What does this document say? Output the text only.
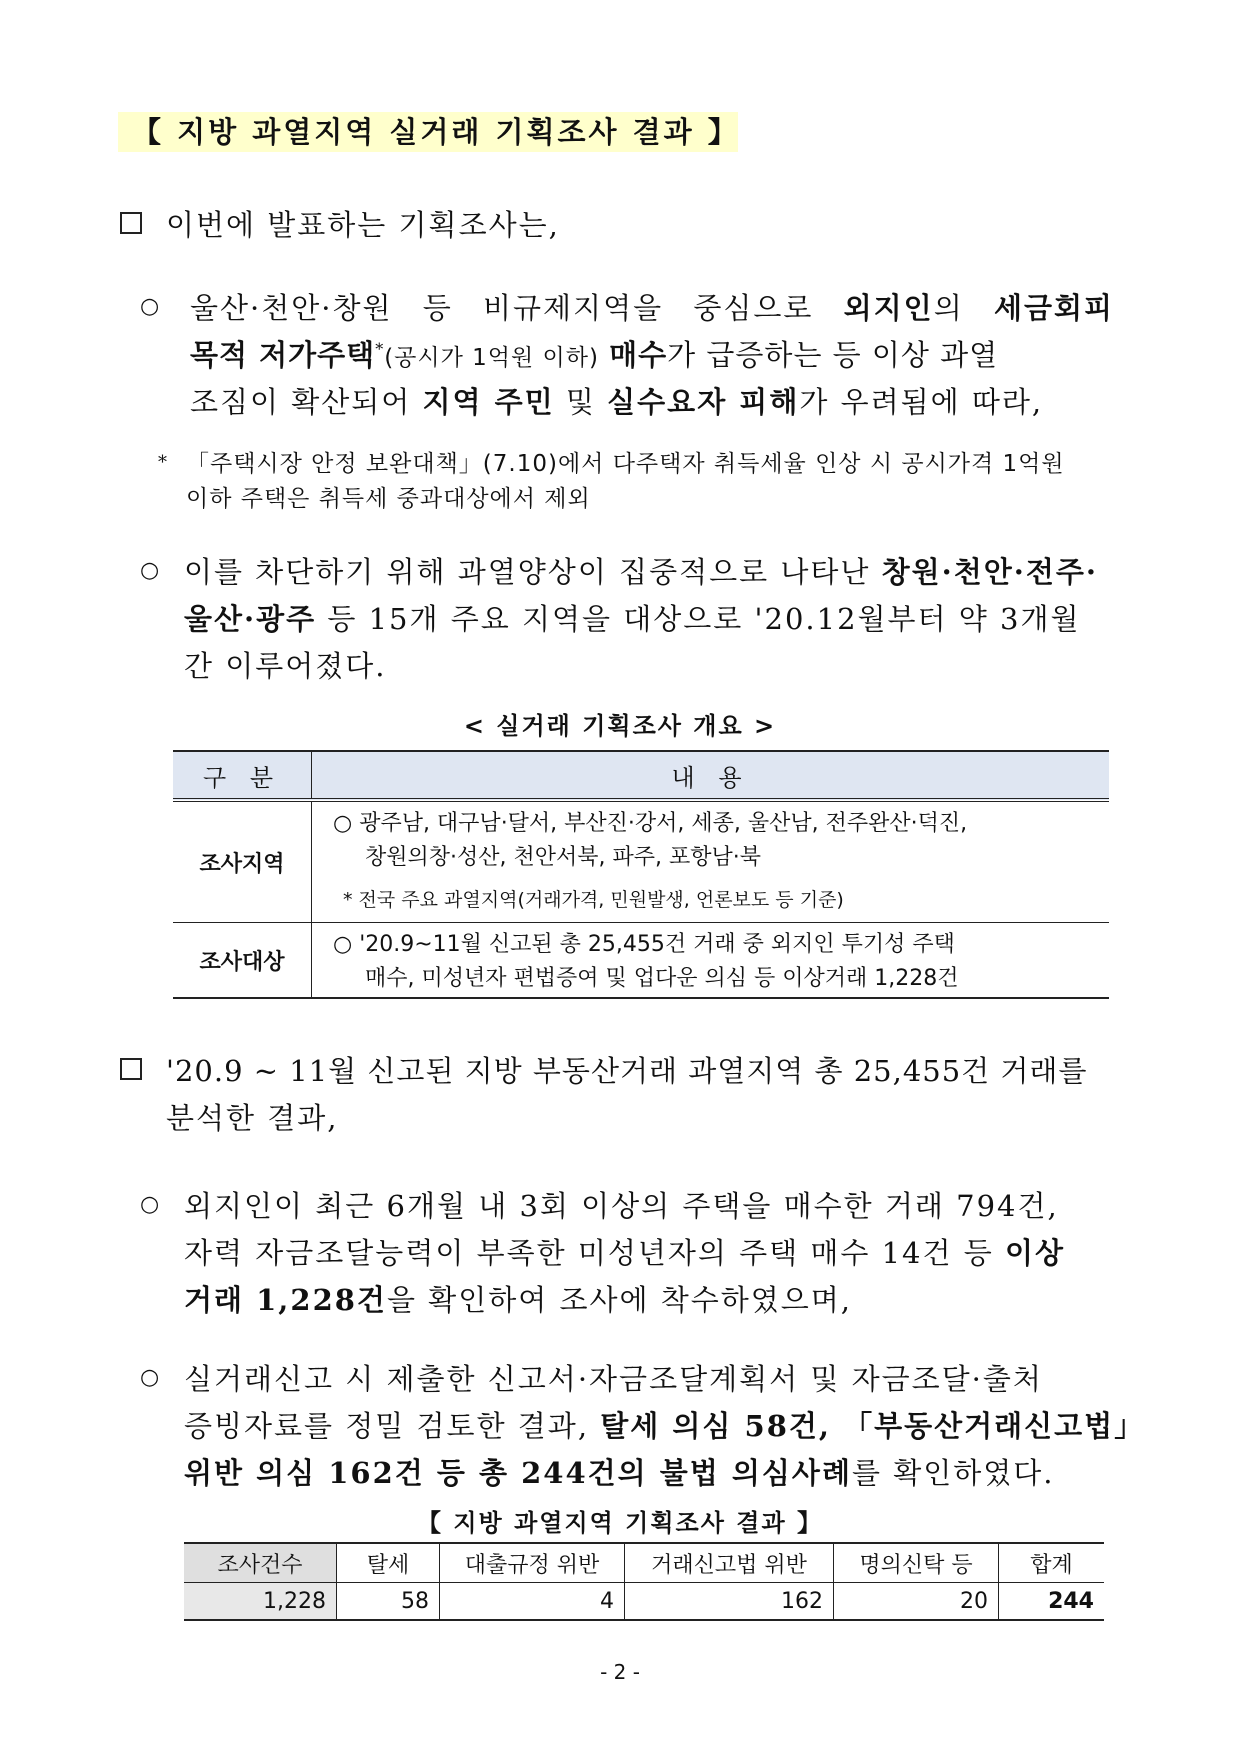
【 지방 과열지역 실거래 기획조사 결과 】
이번에 발표하는 기획조사는,
○ 울산·천안·창원 등 비규제지역을 중심으로 외지인의 세금회피
목적 저가주택*(공시가 1억원 이하) 매수가 급증하는 등 이상 과열
조짐이 확산되어 지역 주민 및 실수요자 피해가 우려됨에 따라,
* 「주택시장 안정 보완대책」(7.10)에서 다주택자 취득세율 인상 시 공시가격 1억원
이하 주택은 취득세 중과대상에서 제외
○ 이를 차단하기 위해 과열양상이 집중적으로 나타난 창원·천안·전주·
울산·광주 등 15개 주요 지역을 대상으로 '20.12월부터 약 3개월
간 이루어졌다.
< 실거래 기획조사 개요 >
구 분	내 용
조사지역	○ 광주남, 대구남·달서, 부산진·강서, 세종, 울산남, 전주완산·덕진,
창원의창·성산, 천안서북, 파주, 포항남·북
* 전국 주요 과열지역(거래가격, 민원발생, 언론보도 등 기준)

조사대상	○ '20.9~11월 신고된 총 25,455건 거래 중 외지인 투기성 주택
매수, 미성년자 편법증여 및 업다운 의심 등 이상거래 1,228건
'20.9 ~ 11월 신고된 지방 부동산거래 과열지역 총 25,455건 거래를
분석한 결과,
○ 외지인이 최근 6개월 내 3회 이상의 주택을 매수한 거래 794건,
자력 자금조달능력이 부족한 미성년자의 주택 매수 14건 등 이상
거래 1,228건을 확인하여 조사에 착수하였으며,
○ 실거래신고 시 제출한 신고서·자금조달계획서 및 자금조달·출처
증빙자료를 정밀 검토한 결과, 탈세 의심 58건, 「부동산거래신고법」
위반 의심 162건 등 총 244건의 불법 의심사례를 확인하였다.
【 지방 과열지역 기획조사 결과 】
조사건수	탈세	대출규정 위반	거래신고법 위반	명의신탁 등	합계
1,228	58	4	162	20	244
- 2 -
